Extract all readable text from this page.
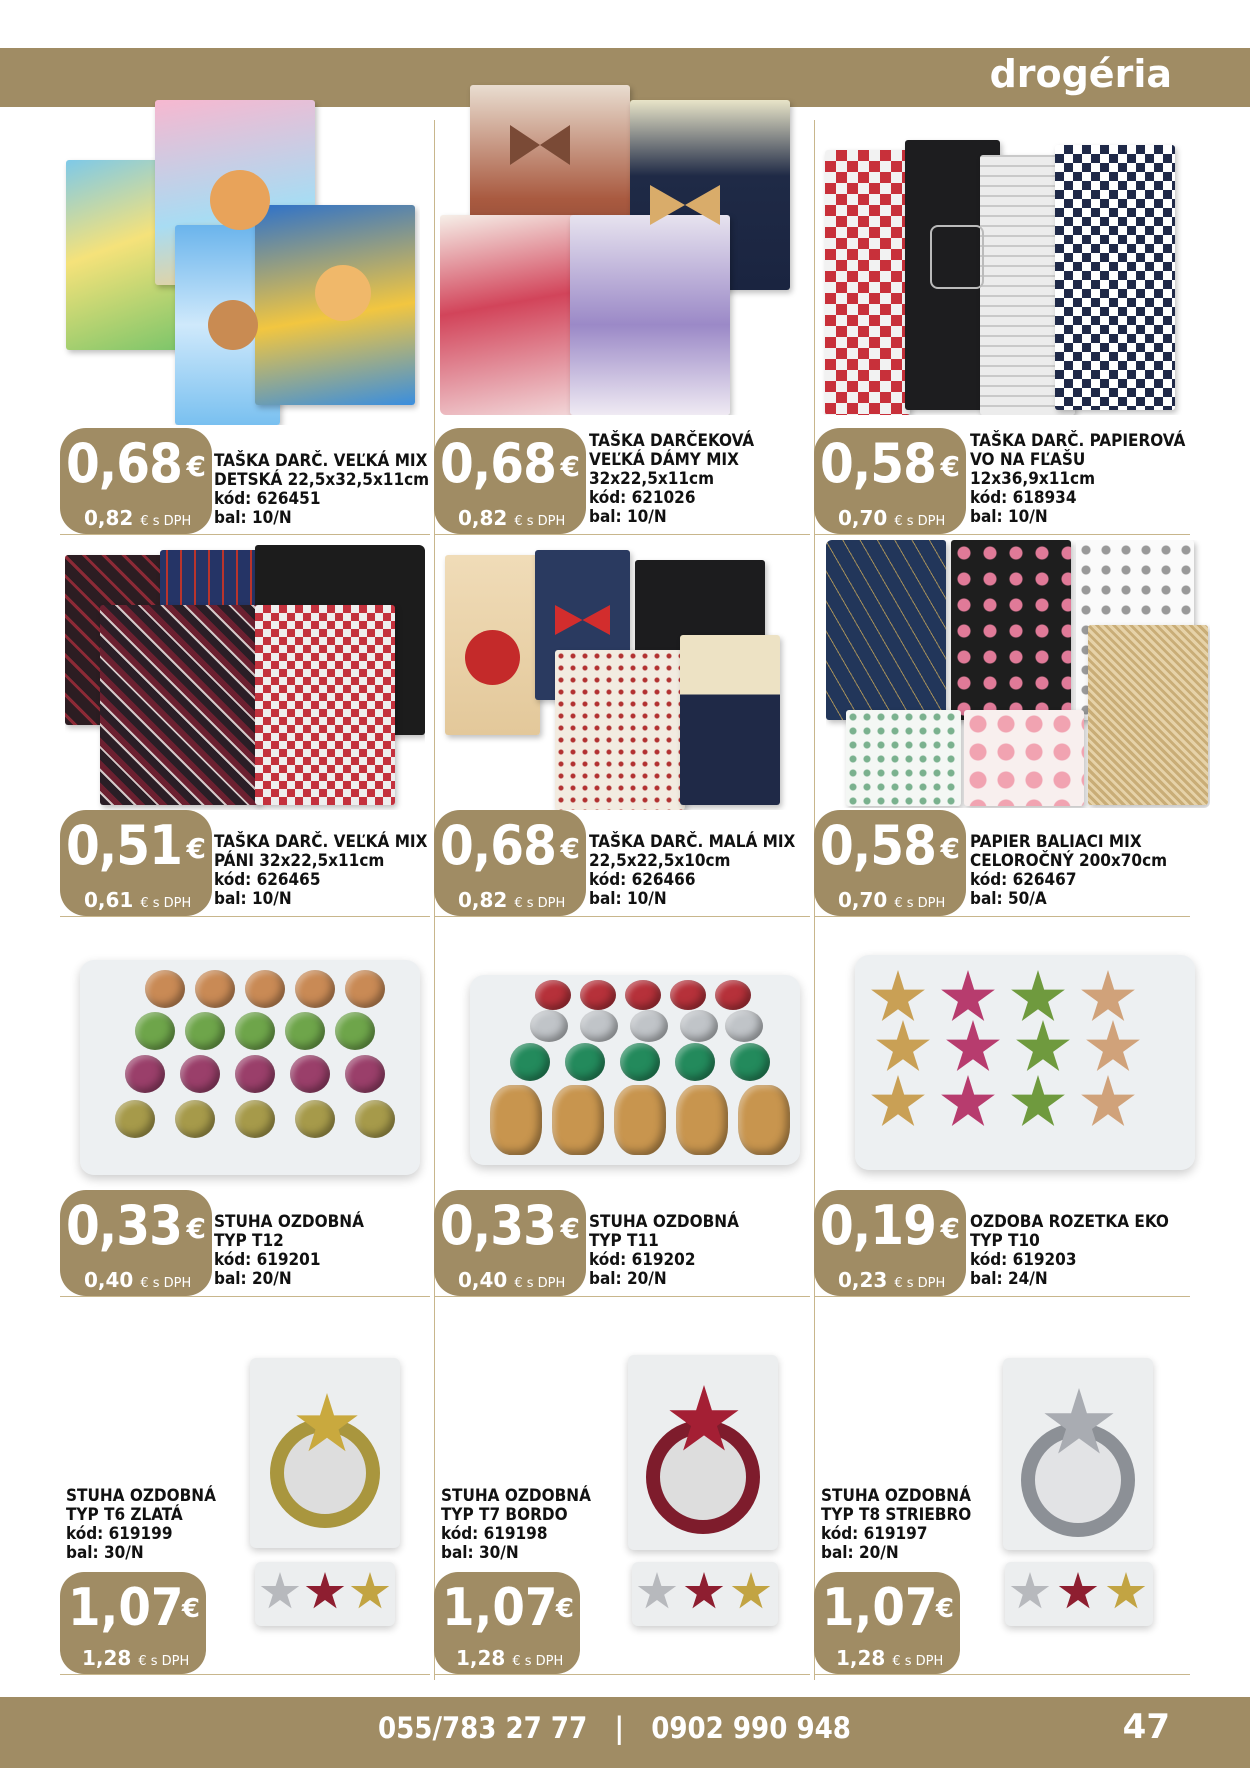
drogéria
0,68 €
0,82 € s DPH
TAŠKA DARČ. VEĽKÁ MIX
DETSKÁ 22,5x32,5x11cm
kód: 626451
bal: 10/N
0,68 €
0,82 € s DPH
TAŠKA DARČEKOVÁ
VEĽKÁ DÁMY MIX
32x22,5x11cm
kód: 621026
bal: 10/N
0,58 €
0,70 € s DPH
TAŠKA DARČ. PAPIEROVÁ
VO NA FĽAŠU
12x36,9x11cm
kód: 618934
bal: 10/N
0,51 €
0,61 € s DPH
TAŠKA DARČ. VEĽKÁ MIX
PÁNI 32x22,5x11cm
kód: 626465
bal: 10/N
0,68 €
0,82 € s DPH
TAŠKA DARČ. MALÁ MIX
22,5x22,5x10cm
kód: 626466
bal: 10/N
0,58 €
0,70 € s DPH
PAPIER BALIACI MIX
CELOROČNÝ 200x70cm
kód: 626467
bal: 50/A
0,33 €
0,40 € s DPH
STUHA OZDOBNÁ
TYP T12
kód: 619201
bal: 20/N
0,33 €
0,40 € s DPH
STUHA OZDOBNÁ
TYP T11
kód: 619202
bal: 20/N
0,19 €
0,23 € s DPH
OZDOBA ROZETKA EKO
TYP T10
kód: 619203
bal: 24/N
STUHA OZDOBNÁ
TYP T6 ZLATÁ
kód: 619199
bal: 30/N
1,07
€
1,28 € s DPH
STUHA OZDOBNÁ
TYP T7 BORDO
kód: 619198
bal: 30/N
1,07
€
1,28 € s DPH
STUHA OZDOBNÁ
TYP T8 STRIEBRO
kód: 619197
bal: 20/N
1,07
€
1,28 € s DPH
055/783 27 77 | 0902 990 948	47
